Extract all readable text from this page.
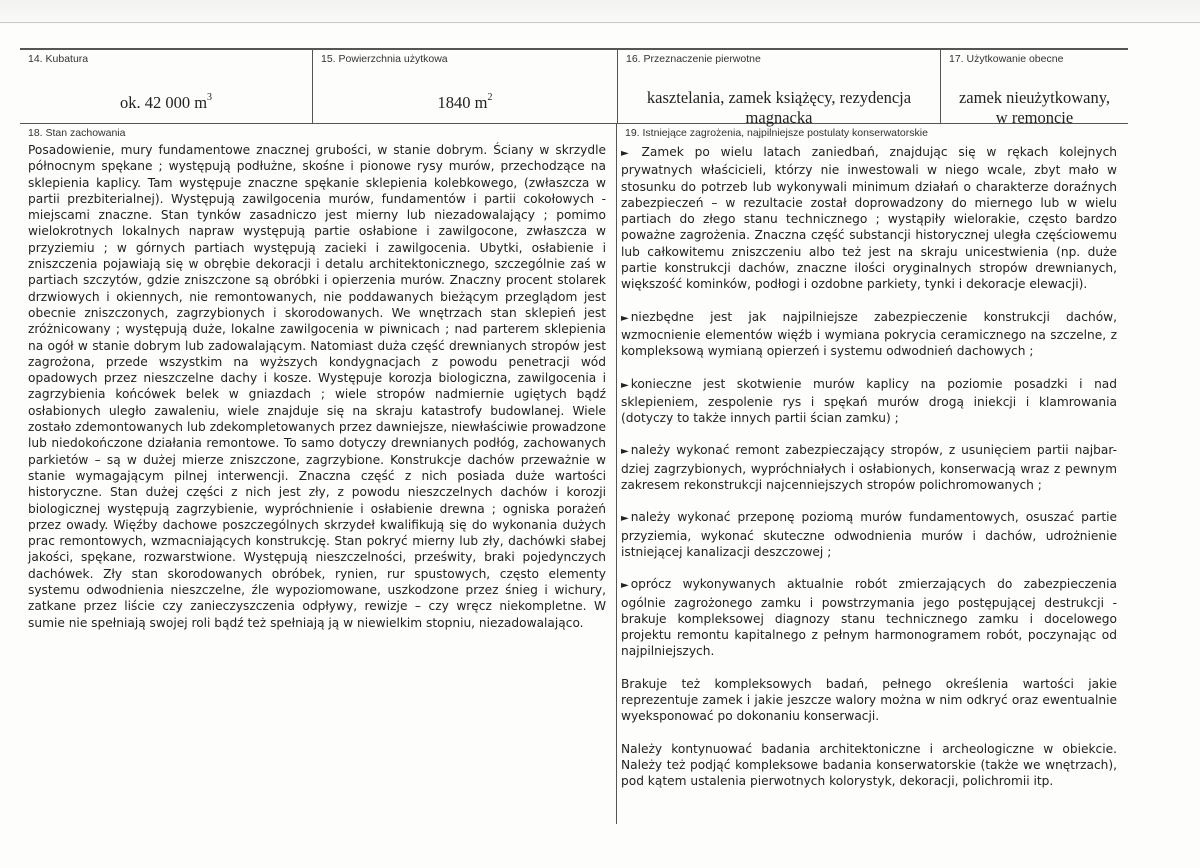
14. Kubatura
ok. 42 000 $m^3$
15. Powierzchnia użytkowa
1840 $m^2$
16. Przeznaczenie pierwotne
kasztelania, zamek książęcy, rezydencja
magnacka
17. Użytkowanie obecne
zamek nieużytkowany,
w remoncie

18. Stan zachowania

Posadowienie, mury fundamentowe znacznej grubości, w stanie dobrym. Ściany w skrzydle północnym spękane ; występują podłużne, skośne i pionowe rysy murów, przechodzące na sklepienia kaplicy. Tam występuje znaczne spękanie sklepienia kolebkowego, (zwłaszcza w partii prezbiterialnej). Występują zawilgocenia murów, fundamentów i partii cokołowych - miejscami znaczne. Stan tynków zasadniczo jest mierny lub niezadowalający ; pomimo wielokrotnych lokalnych napraw występują partie osłabione i zawilgocone, zwłaszcza w przyziemiu ; w górnych partiach występują zacieki i zawilgocenia. Ubytki, osłabienie i zniszczenia pojawiają się w obrębie dekoracji i detalu architektonicznego, szczególnie zaś w partiach szczytów, gdzie zniszczone są obróbki i opierzenia murów. Znaczny procent stolarek drzwiowych i okiennych, nie remontowanych, nie poddawanych bieżącym przeglądom jest obecnie zniszczonych, zagrzybionych i skorodowanych. We wnętrzach stan sklepień jest zróżnicowany ; występują duże, lokalne zawilgocenia w piwnicach ; nad parterem sklepienia na ogół w stanie dobrym lub zadowalającym. Natomiast duża część drewnianych stropów jest zagrożona, przede wszystkim na wyższych kondygnacjach z powodu penetracji wód opadowych przez nieszczelne dachy i kosze. Występuje korozja biologiczna, zawilgocenia i zagrzybienia końcówek belek w gniazdach ; wiele stropów nadmiernie ugiętych bądź osłabionych uległo zawaleniu, wiele znajduje się na skraju katastrofy budowlanej. Wiele zostało zdemontowanych lub zdekompletowanych przez dawniejsze, niewłaściwie prowadzone lub niedokończone działania remontowe. To samo dotyczy drewnianych podłóg, zachowanych parkietów – są w dużej mierze zniszczone, zagrzybione. Konstrukcje dachów przeważnie w stanie wymagającym pilnej interwencji. Znaczna część z nich posiada duże wartości historyczne. Stan dużej części z nich jest zły, z powodu nieszczelnych dachów i korozji biologicznej występują zagrzybienie, wypróchnienie i osłabienie drewna ; ogniska porażeń przez owady. Więźby dachowe poszczególnych skrzydeł kwalifikują się do wykonania dużych prac remontowych, wzmacniających konstrukcję. Stan pokryć mierny lub zły, dachówki słabej jakości, spękane, rozwarstwione. Występują nieszczelności, prześwity, braki pojedynczych dachówek. Zły stan skorodowanych obróbek, rynien, rur spustowych, często elementy systemu odwodnienia nieszczelne, źle wypoziomowane, uszkodzone przez śnieg i wichury, zatkane przez liście czy zanieczyszczenia odpływy, rewizje – czy wręcz niekompletne. W sumie nie spełniają swojej roli bądź też spełniają ją w niewielkim stopniu, niezadowalająco.

19. Istniejące zagrożenia, najpilniejsze postulaty konserwatorskie

► Zamek po wielu latach zaniedbań, znajdując się w rękach kolejnych prywatnych właścicieli, którzy nie inwestowali w niego wcale, zbyt mało w stosunku do potrzeb lub wykonywali minimum działań o charakterze doraźnych zabezpieczeń – w rezultacie został doprowadzony do miernego lub w wielu partiach do złego stanu technicznego ; wystąpiły wielorakie, często bardzo poważne zagrożenia. Znaczna część substancji historycznej uległa częściowemu lub całkowitemu zniszczeniu albo też jest na skraju unicestwienia (np. duże partie konstrukcji dachów, znaczne ilości oryginalnych stropów drewnianych, większość kominków, podłogi i ozdobne parkiety, tynki i dekoracje elewacji).

► niezbędne jest jak najpilniejsze zabezpieczenie konstrukcji dachów, wzmocnienie elementów więźb i wymiana pokrycia ceramicznego na szczelne, z kompleksową wymianą opierzeń i systemu odwodnień dachowych ;

► konieczne jest skotwienie murów kaplicy na poziomie posadzki i nad sklepieniem, zespolenie rys i spękań murów drogą iniekcji i klamrowania (dotyczy to także innych partii ścian zamku) ;

► należy wykonać remont zabezpieczający stropów, z usunięciem partii najbar- dziej zagrzybionych, wypróchniałych i osłabionych, konserwacją wraz z pewnym zakresem rekonstrukcji najcenniejszych stropów polichromowanych ;

► należy wykonać przeponę poziomą murów fundamentowych, osuszać partie przyziemia, wykonać skuteczne odwodnienia murów i dachów, udrożnienie istniejącej kanalizacji deszczowej ;

► oprócz wykonywanych aktualnie robót zmierzających do zabezpieczenia ogólnie zagrożonego zamku i powstrzymania jego postępującej destrukcji - brakuje kompleksowej diagnozy stanu technicznego zamku i docelowego projektu remontu kapitalnego z pełnym harmonogramem robót, poczynając od najpilniejszych.

Brakuje też kompleksowych badań, pełnego określenia wartości jakie reprezentuje zamek i jakie jeszcze walory można w nim odkryć oraz ewentualnie wyeksponować po dokonaniu konserwacji.

Należy kontynuować badania architektoniczne i archeologiczne w obiekcie. Należy też podjąć kompleksowe badania konserwatorskie (także we wnętrzach), pod kątem ustalenia pierwotnych kolorystyk, dekoracji, polichromii itp.
